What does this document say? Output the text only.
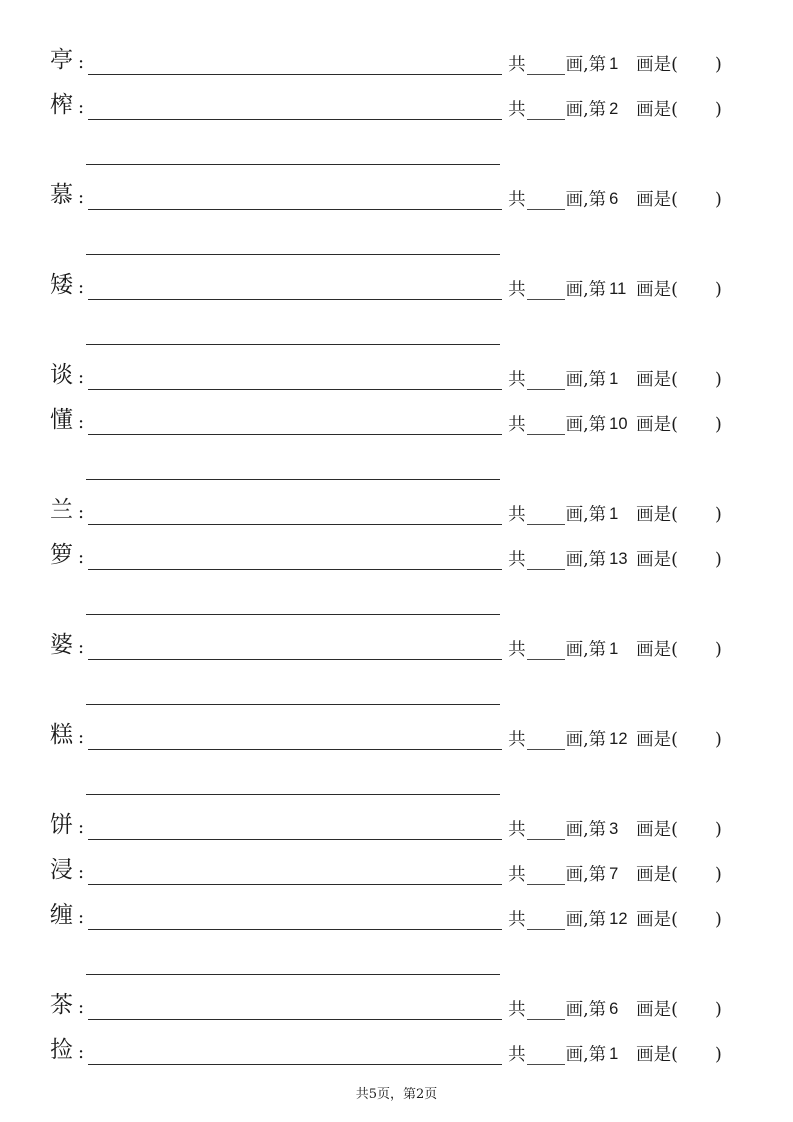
亭 :	共 画, 第 1	画是( )
榨 :	共 画, 第 2	画是( )
慕 :	共 画, 第 6	画是( )
矮 :	共 画, 第 11 画是( )
谈 :	共 画, 第 1	画是( )
懂 :	共 画, 第 10 画是( )
兰 :	共 画, 第 1	画是( )
箩 :	共 画, 第 13 画是( )
婆 :	共 画, 第 1	画是( )
糕 :	共 画, 第 12 画是( )
饼 :	共 画, 第 3	画是( )
浸 :	共 画, 第 7	画是( )
缠 :	共 画, 第 12 画是( )
茶 :	共 画, 第 6	画是( )
捡 :	共 画, 第 1	画是( )
共5页，第2页
